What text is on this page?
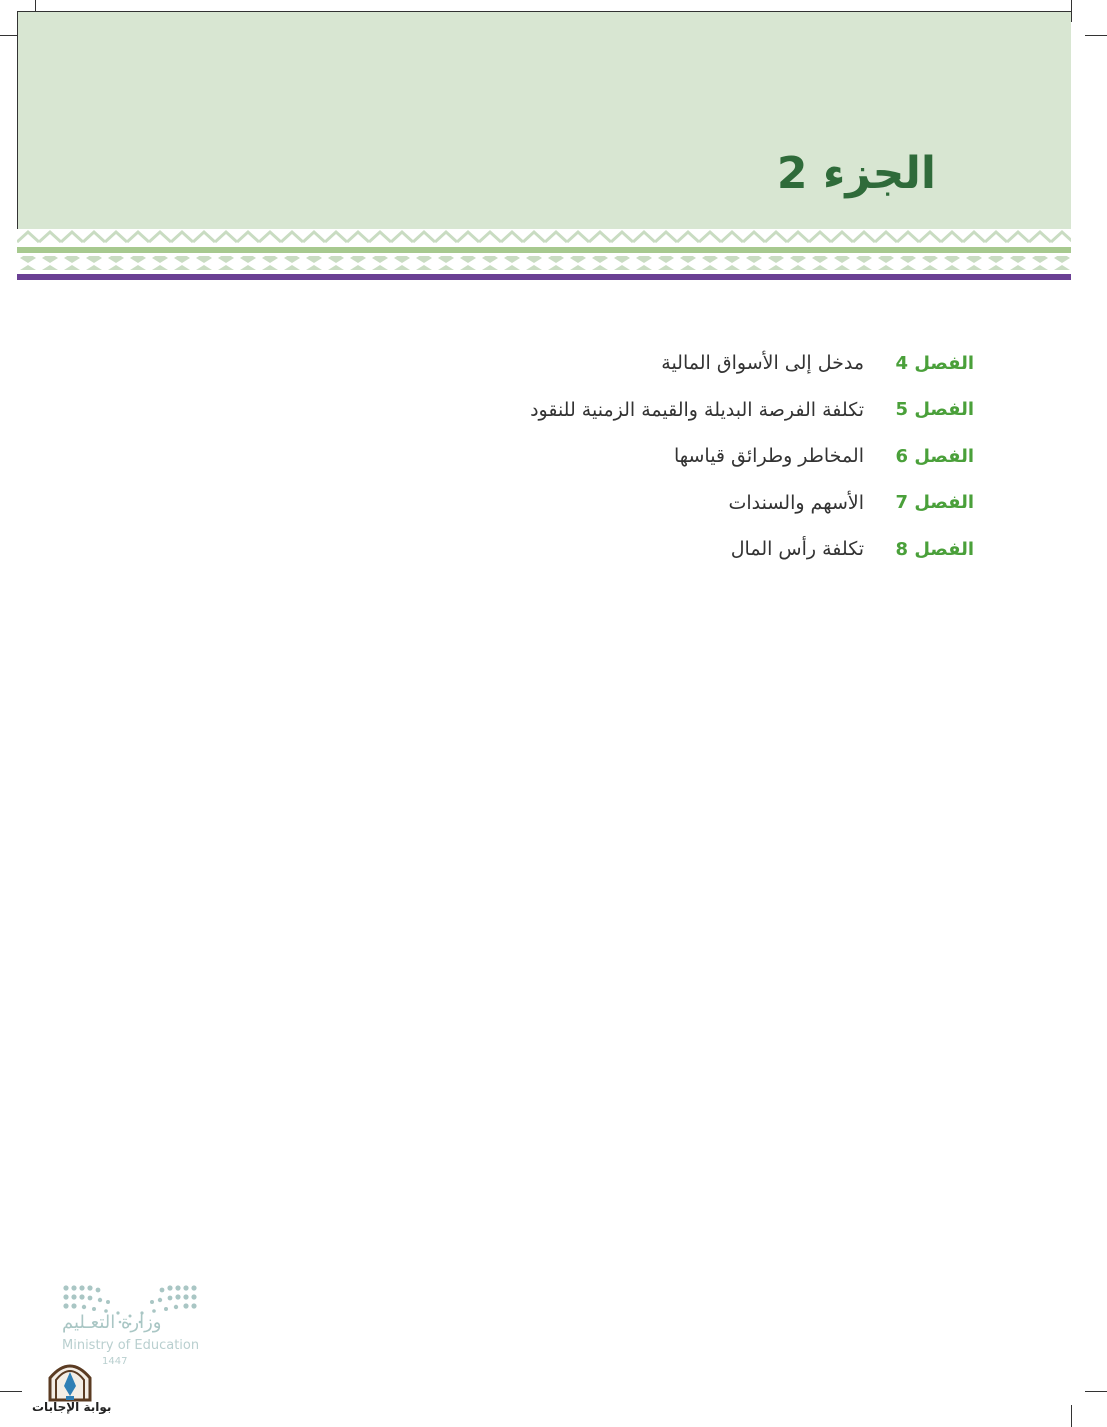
الجزء 2
الفصل 4
مدخل إلى الأسواق المالية
الفصل 5
تكلفة الفرصة البديلة والقيمة الزمنية للنقود
الفصل 6
المخاطر وطرائق قياسها
الفصل 7
الأسهم والسندات
الفصل 8
تكلفة رأس المال
وزارة التعـليم
Ministry of Education
1447
بوابة الإجابات
